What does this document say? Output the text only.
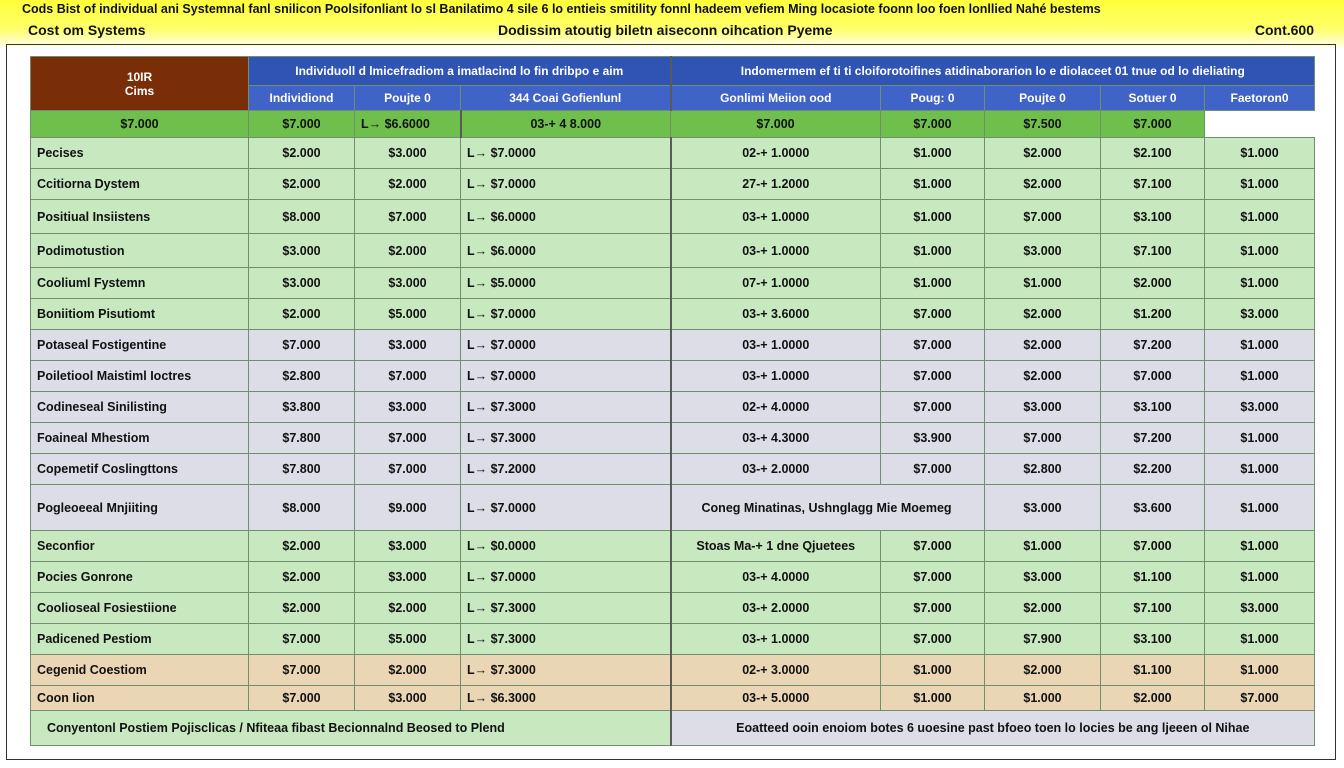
Cods Bist of individual ani Systemnal fanl snilicon Poolsifonliant lo sl Banilatimo 4 sile 6 lo entieis smitility fonnl hadeem vefiem Ming locasiote foonn loo foen lonllied Nahé bestems
Cost om Systems	Dodissim atoutig biletn aiseconn oihcation Pyeme	Cont.600
10IR
Cims	Individuoll d lmicefradiom a imatlacind lo fin dribpo e aim			Indomermem ef ti ti cloiforotoifines atidinaborarion lo e diolaceet 01 tnue od lo dieliating				
	Individiond	Poujte 0	344 Coai Gofienlunl	Gonlimi Meiion ood	Poug: 0	Poujte 0	Sotuer 0	Faetoron0
$7.000	$7.000	L→ $6.6000	03-+ 4 8.000	$7.000	$7.000	$7.500	$7.000	
Pecises	$2.000	$3.000	L→ $7.0000	02-+ 1.0000	$1.000	$2.000	$2.100	$1.000
Ccitiorna Dystem	$2.000	$2.000	L→ $7.0000	27-+ 1.2000	$1.000	$2.000	$7.100	$1.000
Positiual Insiistens	$8.000	$7.000	L→ $6.0000	03-+ 1.0000	$1.000	$7.000	$3.100	$1.000
Podimotustion	$3.000	$2.000	L→ $6.0000	03-+ 1.0000	$1.000	$3.000	$7.100	$1.000
Cooliuml Fystemn	$3.000	$3.000	L→ $5.0000	07-+ 1.0000	$1.000	$1.000	$2.000	$1.000
Boniitiom Pisutiomt	$2.000	$5.000	L→ $7.0000	03-+ 3.6000	$7.000	$2.000	$1.200	$3.000
Potaseal Fostigentine	$7.000	$3.000	L→ $7.0000	03-+ 1.0000	$7.000	$2.000	$7.200	$1.000
Poiletiool Maistiml Ioctres	$2.800	$7.000	L→ $7.0000	03-+ 1.0000	$7.000	$2.000	$7.000	$1.000
Codineseal Sinilisting	$3.800	$3.000	L→ $7.3000	02-+ 4.0000	$7.000	$3.000	$3.100	$3.000
Foaineal Mhestiom	$7.800	$7.000	L→ $7.3000	03-+ 4.3000	$3.900	$7.000	$7.200	$1.000
Copemetif Coslingttons	$7.800	$7.000	L→ $7.2000	03-+ 2.0000	$7.000	$2.800	$2.200	$1.000
Pogleoeeal Mnjiiting	$8.000	$9.000	L→ $7.0000	Coneg Minatinas, Ushnglagg Mie Moemeg		$3.000	$3.600	$1.000
Seconfior	$2.000	$3.000	L→ $0.0000	Stoas Ma-+ 1 dne Qjuetees	$7.000	$1.000	$7.000	$1.000
Pocies Gonrone	$2.000	$3.000	L→ $7.0000	03-+ 4.0000	$7.000	$3.000	$1.100	$1.000
Coolioseal Fosiestiione	$2.000	$2.000	L→ $7.3000	03-+ 2.0000	$7.000	$2.000	$7.100	$3.000
Padicened Pestiom	$7.000	$5.000	L→ $7.3000	03-+ 1.0000	$7.000	$7.900	$3.100	$1.000
Cegenid Coestiom	$7.000	$2.000	L→ $7.3000	02-+ 3.0000	$1.000	$2.000	$1.100	$1.000
Coon Iion	$7.000	$3.000	L→ $6.3000	03-+ 5.0000	$1.000	$1.000	$2.000	$7.000
Conyentonl Postiem Pojisclicas / Nfiteaa fibast Becionnalnd Beosed to Plend				Eoatteed ooin enoiom botes 6 uoesine past bfoeo toen lo locies be ang ljeeen ol Nihae				
